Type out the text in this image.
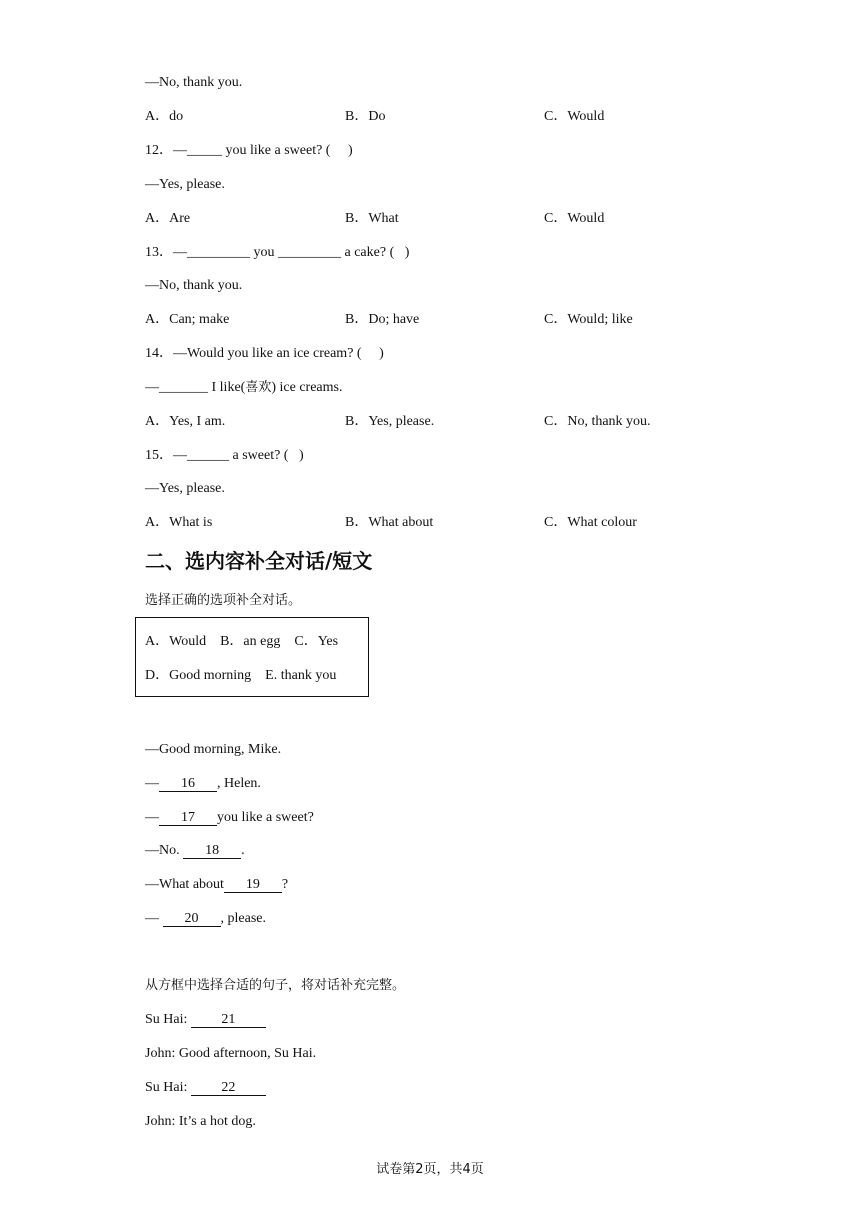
—No, thank you.

A．do

	B．Do

	C．Would

12．—_____ you like a sweet? (     )
—Yes, please.

A．Are

	B．What

	C．Would

13．—_________ you _________ a cake? (   )
—No, thank you.

A．Can; make

	B．Do; have

	C．Would; like

14．—Would you like an ice cream? (     )
—_______ I like(喜欢) ice creams.

A．Yes, I am.

	B．Yes, please.

	C．No, thank you.

15．—______ a sweet? (   )
—Yes, please.

A．What is

	B．What about

	C．What colour

二、选内容补全对话/短文
选择正确的选项补全对话。
A．Would    B．an egg    C．Yes
D．Good morning    E. thank you
—Good morning, Mike.
— 16 , Helen.
— 17 you like a sweet?
—No. 18 .
—What about 19 ?
— 20 , please.
从方框中选择合适的句子，将对话补充完整。
Su Hai: 21
John: Good afternoon, Su Hai.
Su Hai: 22
John: It’s a hot dog.
试卷第2页，共4页
